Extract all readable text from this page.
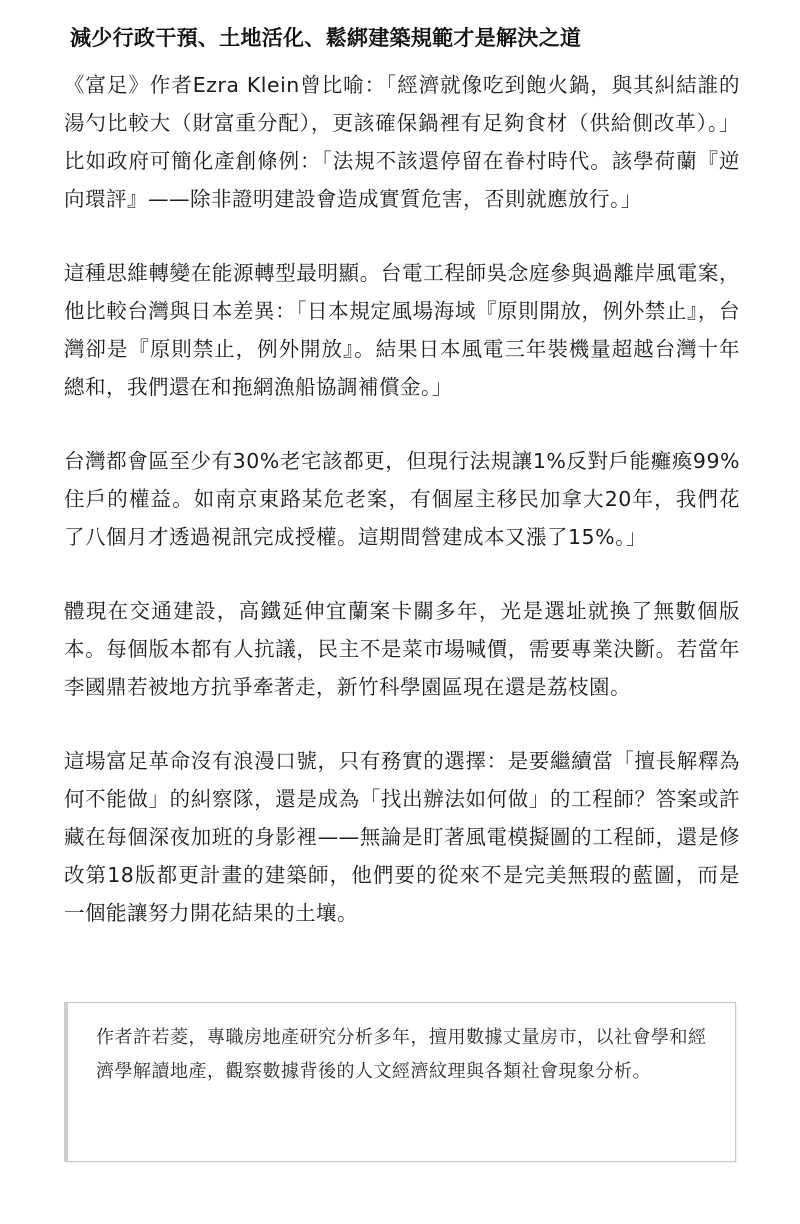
減少行政干預、土地活化、鬆綁建築規範才是解決之道

《富足》作者Ezra Klein曾比喻：「經濟就像吃到飽火鍋，與其糾結誰的湯勺比較大（財富重分配），更該確保鍋裡有足夠食材（供給側改革）。」比如政府可簡化產創條例：「法規不該還停留在眷村時代。該學荷蘭『逆向環評』——除非證明建設會造成實質危害，否則就應放行。」

這種思維轉變在能源轉型最明顯。台電工程師吳念庭參與過離岸風電案，他比較台灣與日本差異：「日本規定風場海域『原則開放，例外禁止』，台灣卻是『原則禁止，例外開放』。結果日本風電三年裝機量超越台灣十年總和，我們還在和拖網漁船協調補償金。」

台灣都會區至少有30%老宅該都更，但現行法規讓1%反對戶能癱瘓99%住戶的權益。如南京東路某危老案，有個屋主移民加拿大20年，我們花了八個月才透過視訊完成授權。這期間營建成本又漲了15%。」

體現在交通建設，高鐵延伸宜蘭案卡關多年，光是選址就換了無數個版本。每個版本都有人抗議，民主不是菜市場喊價，需要專業決斷。若當年李國鼎若被地方抗爭牽著走，新竹科學園區現在還是荔枝園。

這場富足革命沒有浪漫口號，只有務實的選擇：是要繼續當「擅長解釋為何不能做」的糾察隊，還是成為「找出辦法如何做」的工程師？答案或許藏在每個深夜加班的身影裡——無論是盯著風電模擬圖的工程師，還是修改第18版都更計畫的建築師，他們要的從來不是完美無瑕的藍圖，而是一個能讓努力開花結果的土壤。

作者許若菱，專職房地產研究分析多年，擅用數據丈量房市，以社會學和經濟學解讀地產，觀察數據背後的人文經濟紋理與各類社會現象分析。
